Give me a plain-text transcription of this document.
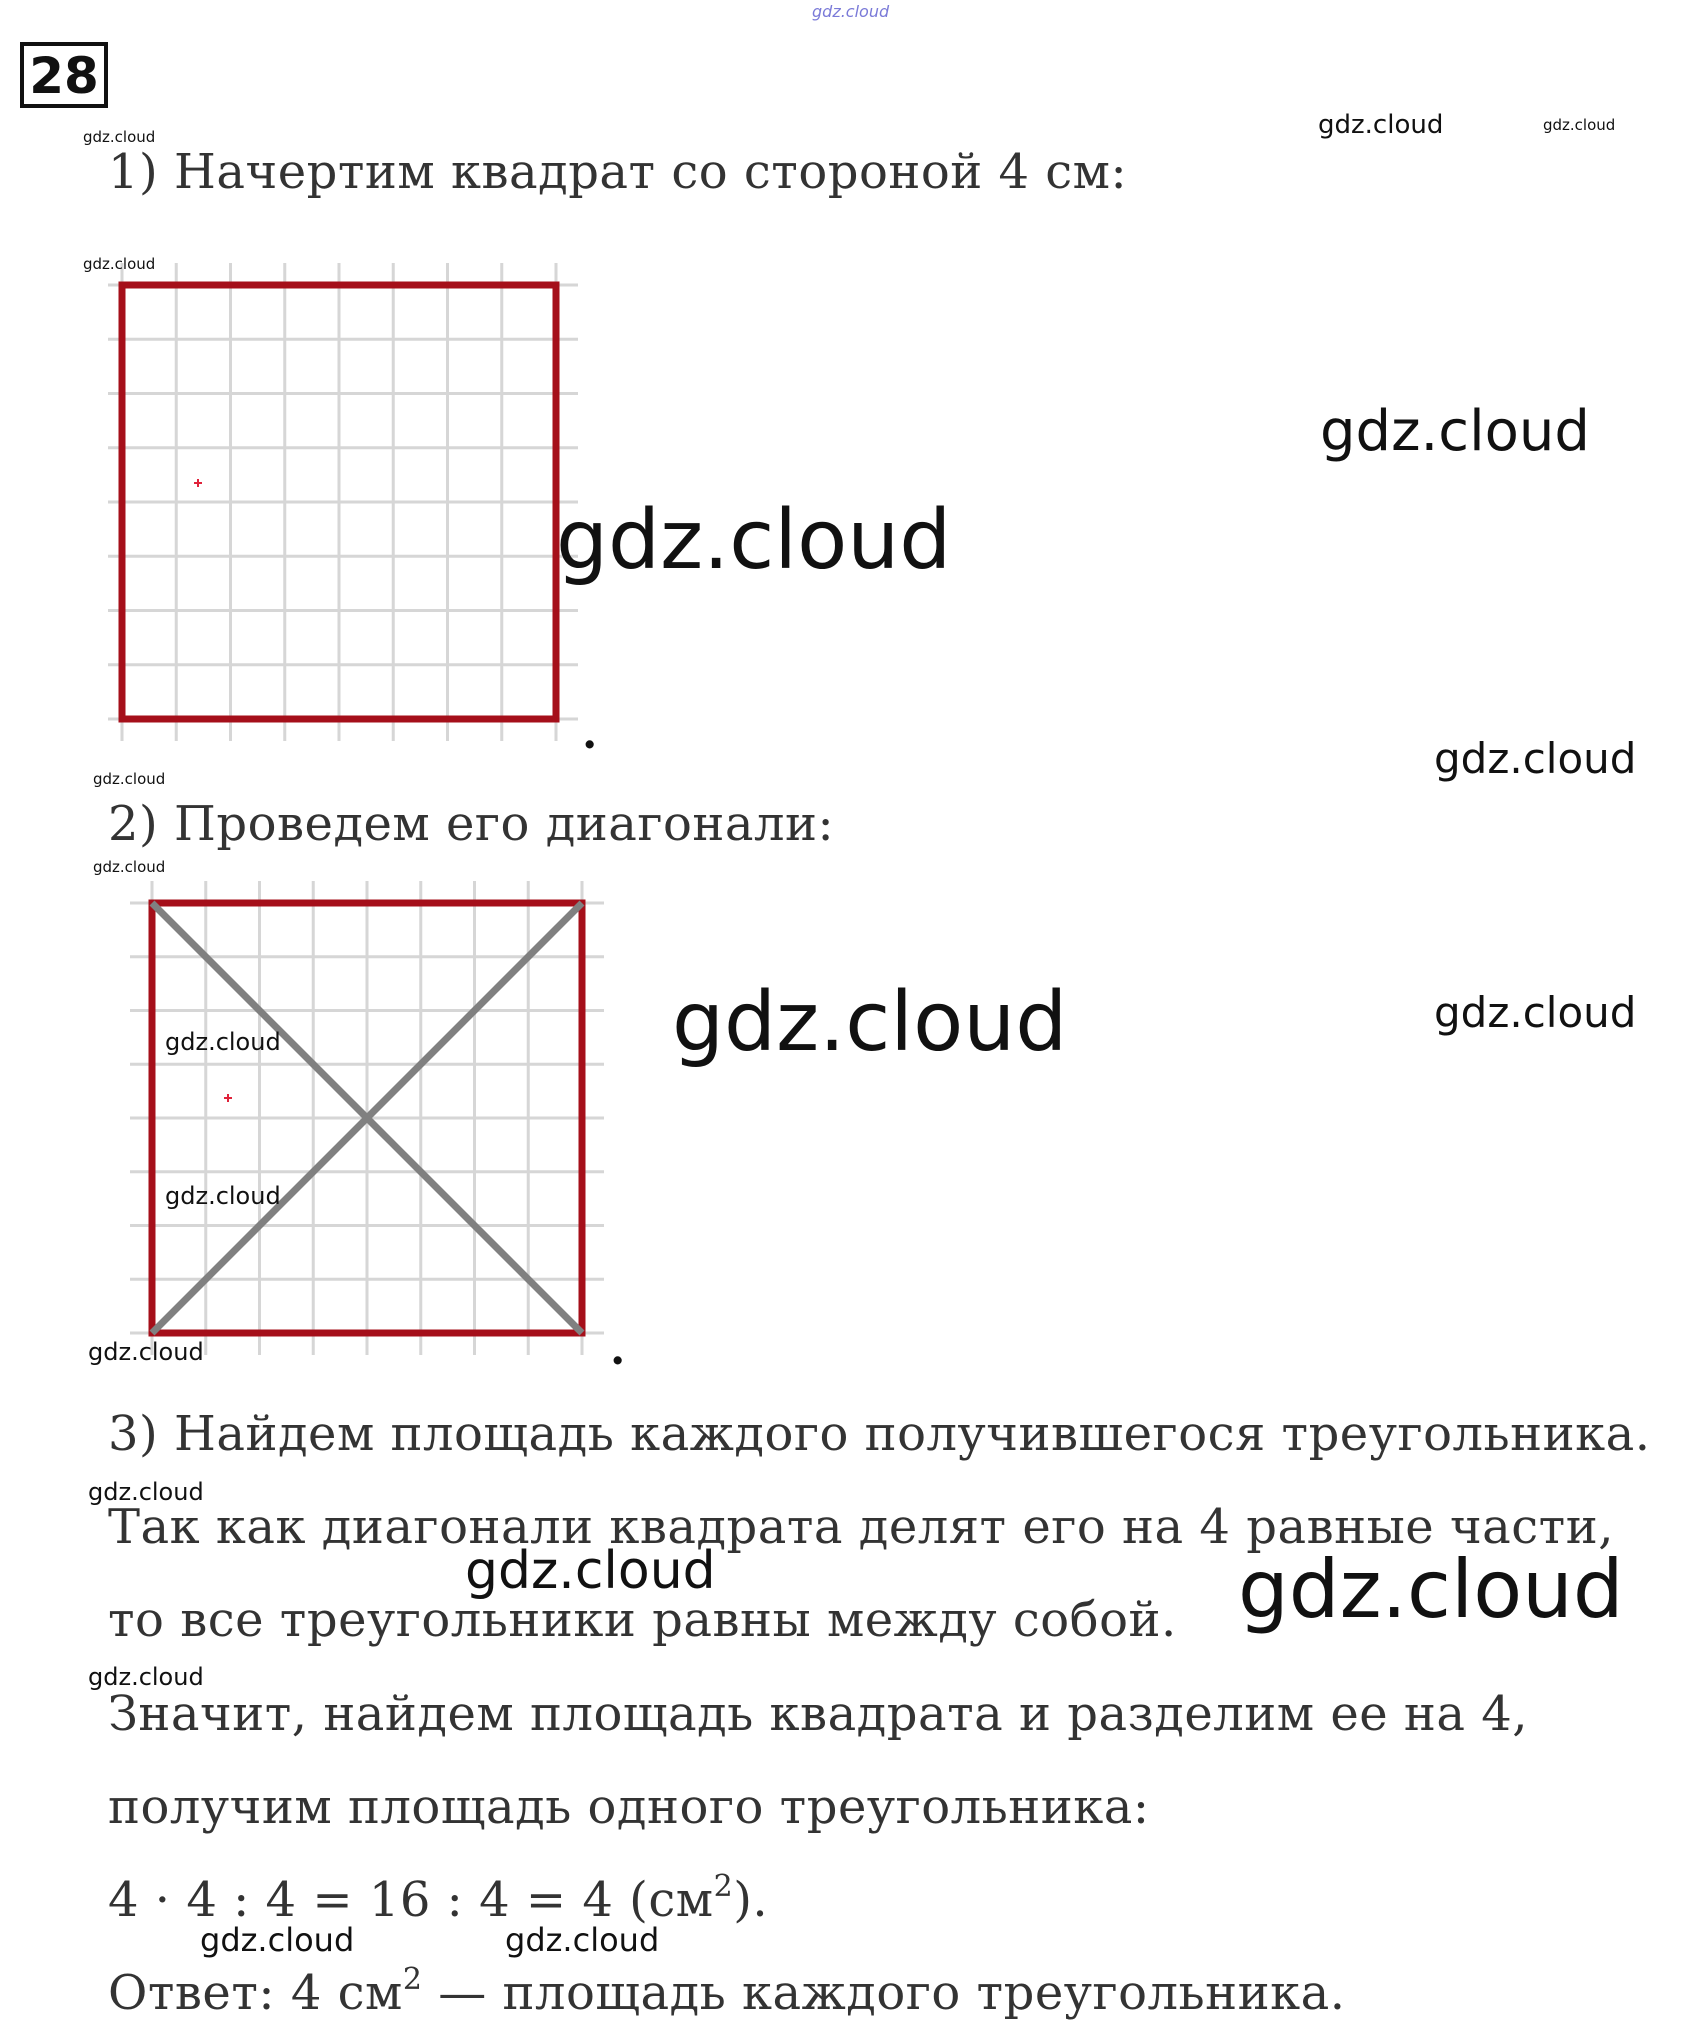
gdz.cloud
28
1) Начертим квадрат со стороной 4 см:
.
2) Проведем его диагонали:
.
3) Найдем площадь каждого получившегося треугольника.
Так как диагонали квадрата делят его на 4 равные части,
то все треугольники равны между собой.
Значит, найдем площадь квадрата и разделим ее на 4,
получим площадь одного треугольника:
4 · 4 : 4 = 16 : 4 = 4 $(см^2)$.
Ответ: 4 $см^2$ — площадь каждого треугольника.
gdz.cloud	gdz.cloud	gdz.cloud
gdz.cloud
gdz.cloud
gdz.cloud
gdz.cloud
gdz.cloud
gdz.cloud
gdz.cloud	gdz.cloud
gdz.cloud
gdz.cloud
gdz.cloud
gdz.cloud
gdz.cloud	gdz.cloud
gdz.cloud
gdz.cloud	gdz.cloud
